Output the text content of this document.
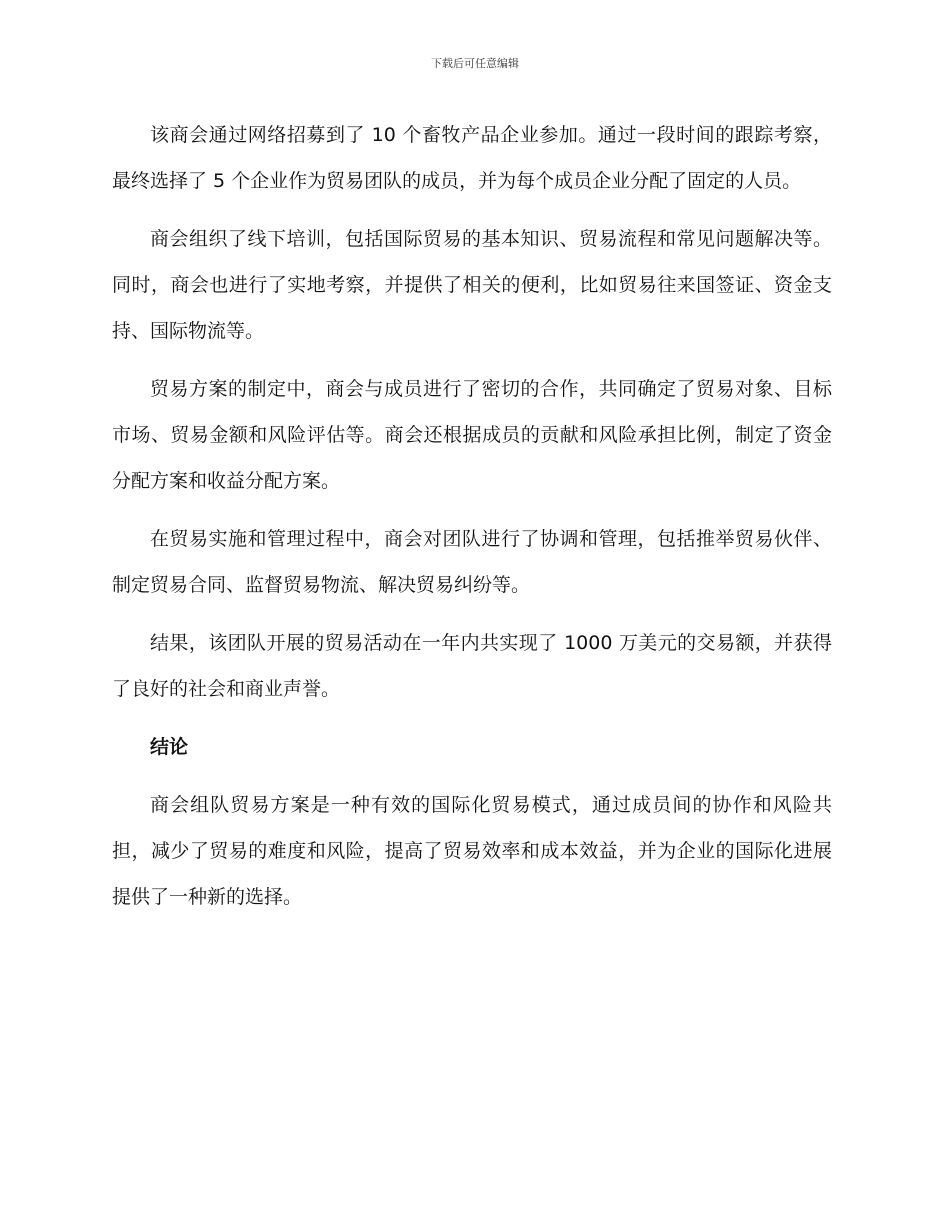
下载后可任意编辑

该商会通过网络招募到了 10 个畜牧产品企业参加。通过一段时间的跟踪考察，最终选择了 5 个企业作为贸易团队的成员，并为每个成员企业分配了固定的人员。

商会组织了线下培训，包括国际贸易的基本知识、贸易流程和常见问题解决等。同时，商会也进行了实地考察，并提供了相关的便利，比如贸易往来国签证、资金支持、国际物流等。

贸易方案的制定中，商会与成员进行了密切的合作，共同确定了贸易对象、目标市场、贸易金额和风险评估等。商会还根据成员的贡献和风险承担比例，制定了资金分配方案和收益分配方案。

在贸易实施和管理过程中，商会对团队进行了协调和管理，包括推举贸易伙伴、制定贸易合同、监督贸易物流、解决贸易纠纷等。

结果，该团队开展的贸易活动在一年内共实现了 1000 万美元的交易额，并获得了良好的社会和商业声誉。

结论

商会组队贸易方案是一种有效的国际化贸易模式，通过成员间的协作和风险共担，减少了贸易的难度和风险，提高了贸易效率和成本效益，并为企业的国际化进展提供了一种新的选择。
